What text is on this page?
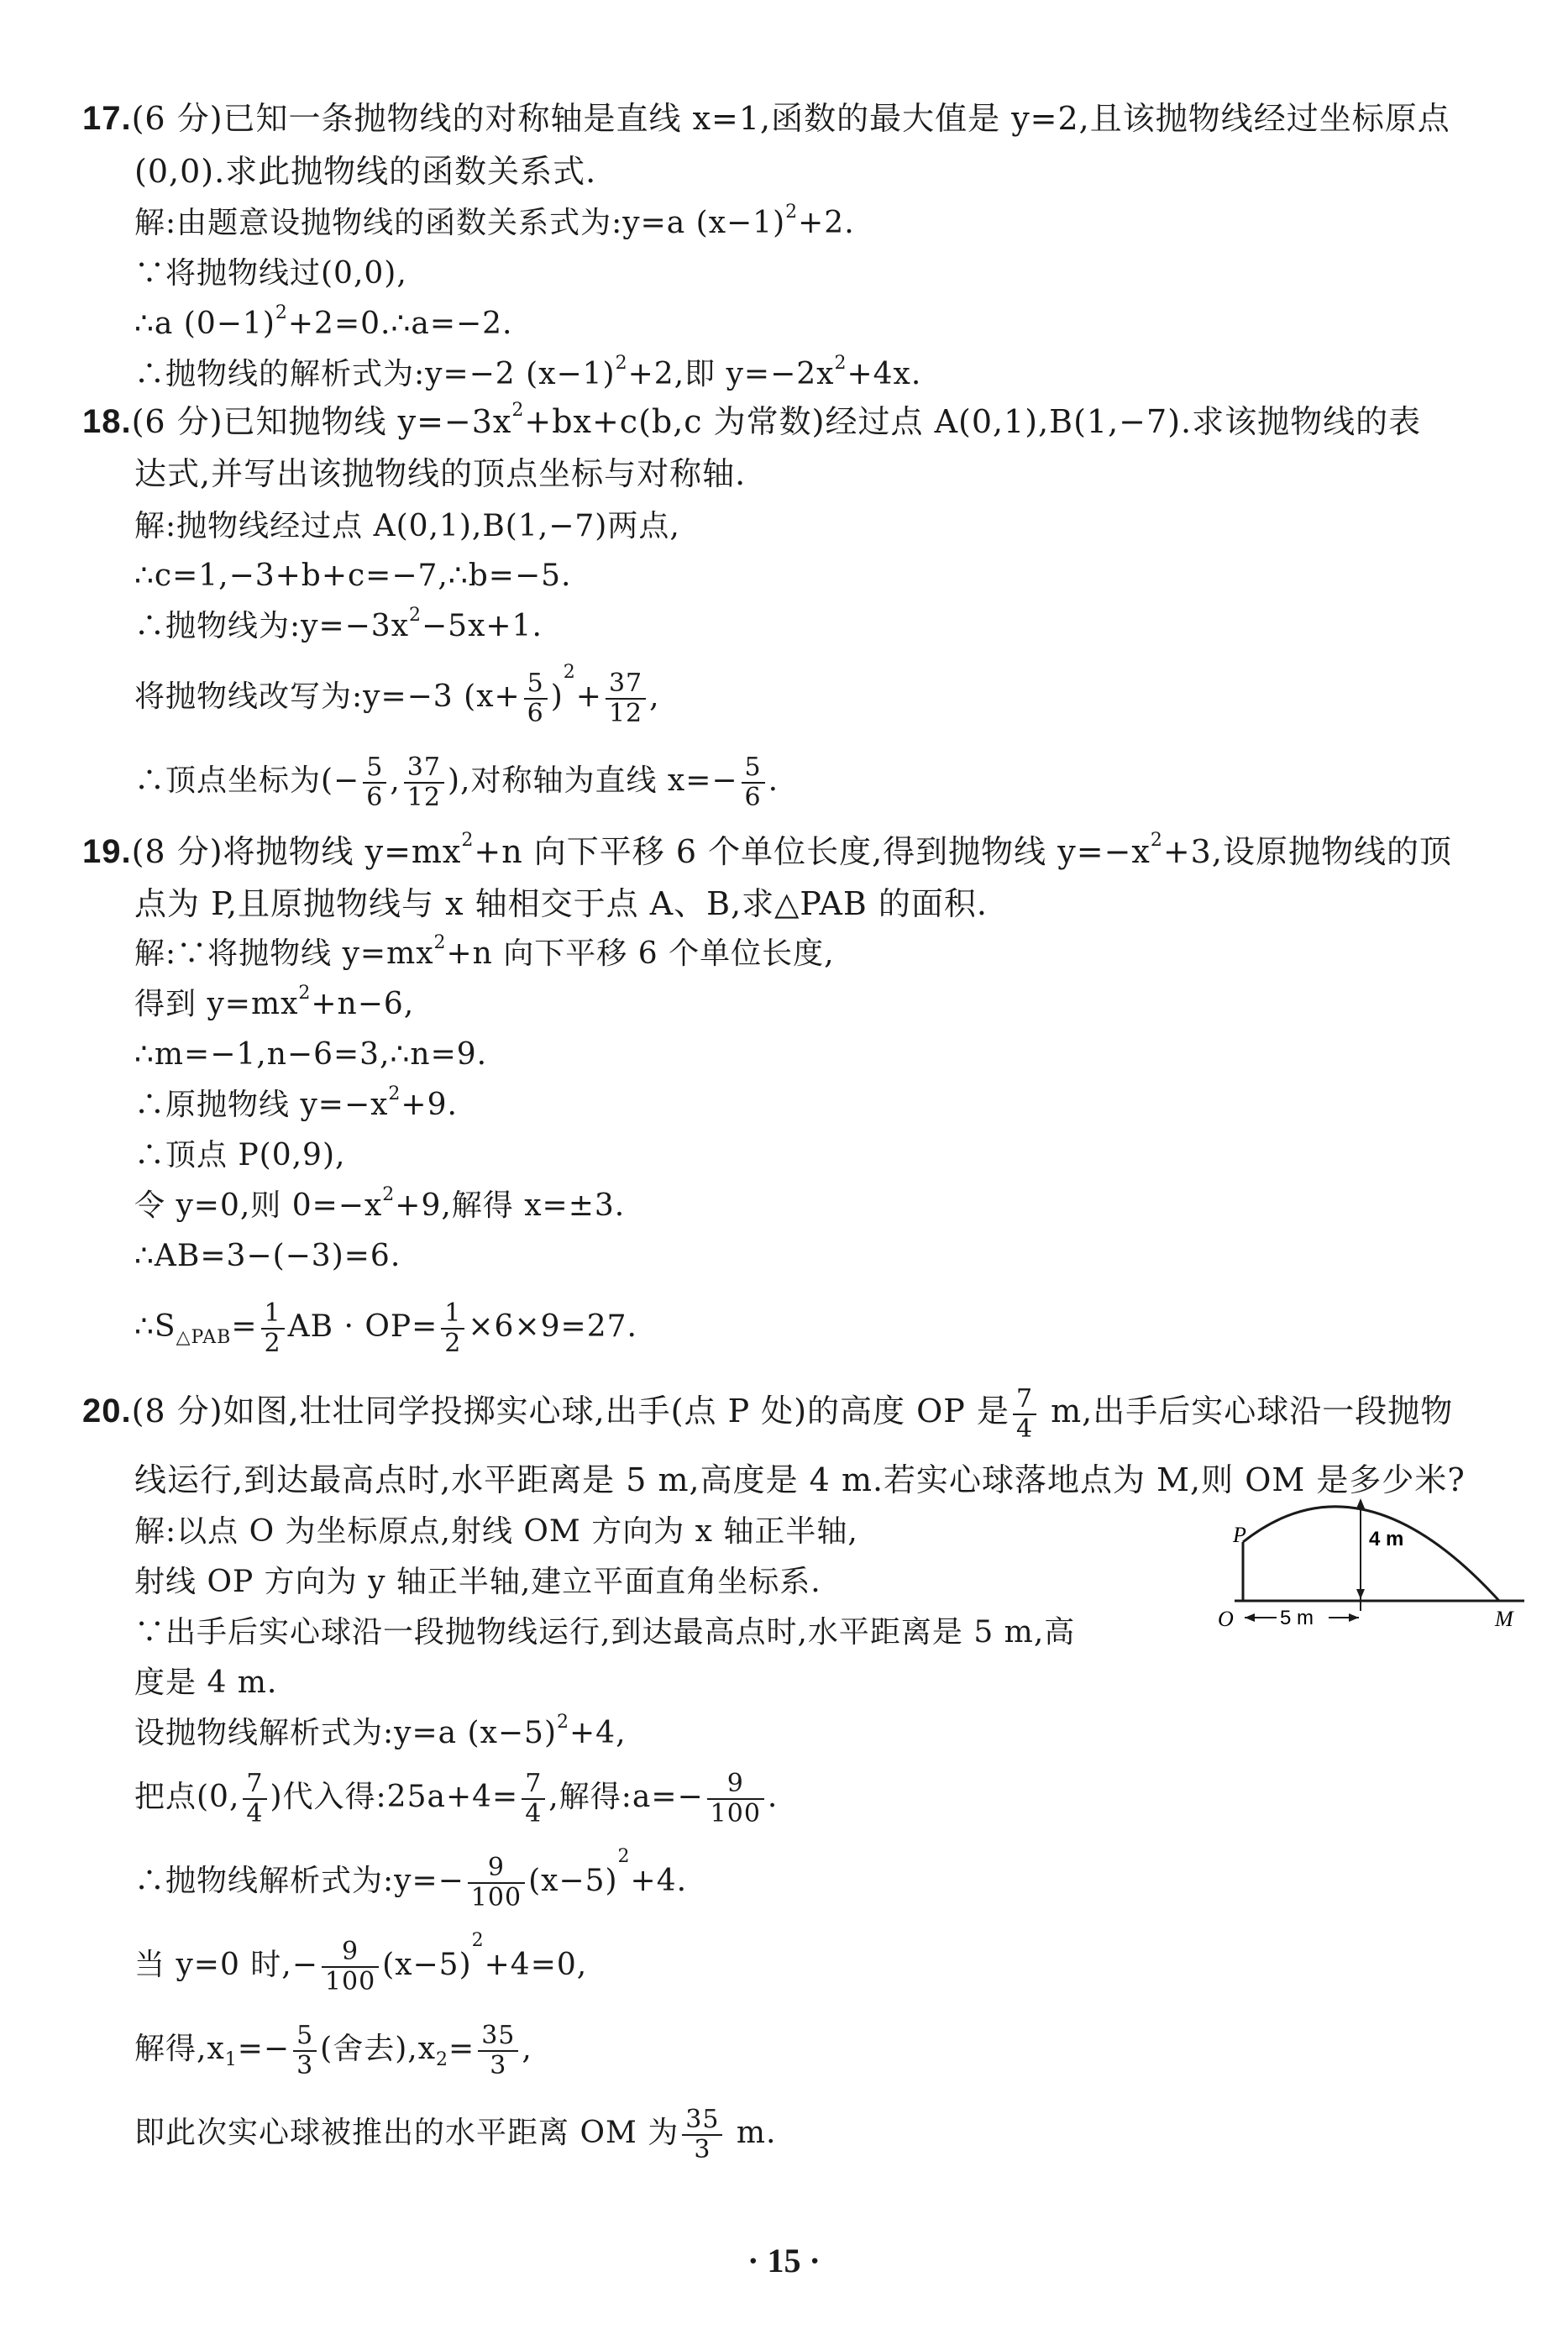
17.(6 分)已知一条抛物线的对称轴是直线 x=1,函数的最大值是 y=2,且该抛物线经过坐标原点
(0,0).求此抛物线的函数关系式.
解:由题意设抛物线的函数关系式为:y=a $(x-1)^2+2$.
∵将抛物线过(0,0),
∴a $(0-1)^2+2=0.\therefore a=-2$.
∴抛物线的解析式为:y=−2 $(x-1)^2+2$,即 $y=-2x^2+4x$.
18.(6 分)已知抛物线 $y=-3x^2+bx+c(b,c$ 为常数)经过点 A(0,1),B(1,−7).求该抛物线的表
达式,并写出该抛物线的顶点坐标与对称轴.
解:抛物线经过点 A(0,1),B(1,−7)两点,
∴c=1,−3+b+c=−7,∴b=−5.
∴抛物线为$:y=-3x^2-5x+1$.
将抛物线改写为:y=−3 $(x+ \frac{5}{6} )^2+ \frac{37}{12}$ ,
∴顶点坐标为(− $\frac{5}{6}$ , $\frac{37}{12}$ ),对称轴为直线 $x=- \frac{5}{6}$ .
19.(8 分)将抛物线 $y=mx^2+n$ 向下平移 6 个单位长度,得到抛物线 $y=-x^2+3$,设原抛物线的顶
点为 P,且原抛物线与 x 轴相交于点 A、B,求△PAB 的面积.
解:∵将抛物线 $y=mx^2+n$ 向下平移 6 个单位长度,
得到 $y=mx^2+n-6$,
∴m=−1,n−6=3,∴n=9.
∴原抛物线 $y=-x^2+9$.
∴顶点 P(0,9),
令 y=0,则 $0=-x^2+9$,解得 x=±3.
∴AB=3−(−3)=6.
$\therefore S_{\triangle PAB}= \frac{1}{2}$ AB · $OP= \frac{1}{2} \times 6\times 9=27$.
20.(8 分)如图,壮壮同学投掷实心球,出手(点 P 处)的高度 OP 是 $\frac{7}{4} m$,出手后实心球沿一段抛物
线运行,到达最高点时,水平距离是 5 m,高度是 4 m.若实心球落地点为 M,则 OM 是多少米?
解:以点 O 为坐标原点,射线 OM 方向为 x 轴正半轴,
射线 OP 方向为 y 轴正半轴,建立平面直角坐标系.
∵出手后实心球沿一段抛物线运行,到达最高点时,水平距离是 5 m,高
度是 4 m.
设抛物线解析式为:y=a $(x-5)^2+4$,
把点(0, $\frac{7}{4}$ )代入得:25a+4= $\frac{7}{4}$ ,解得:a=− $\frac{9}{100}$ .
∴抛物线解析式为:y=− $\frac{9}{100} (x-5)^2+4$.
当 y=0 时,− $\frac{9}{100} (x-5)^2+4=0$,
解得$,x_1=- \frac{5}{3}$ (舍去)$,x_2= \frac{35}{3}$ ,
即此次实心球被推出的水平距离 OM 为 $\frac{35}{3} m$.
P
O	M
4 m
5 m
· 15 ·
